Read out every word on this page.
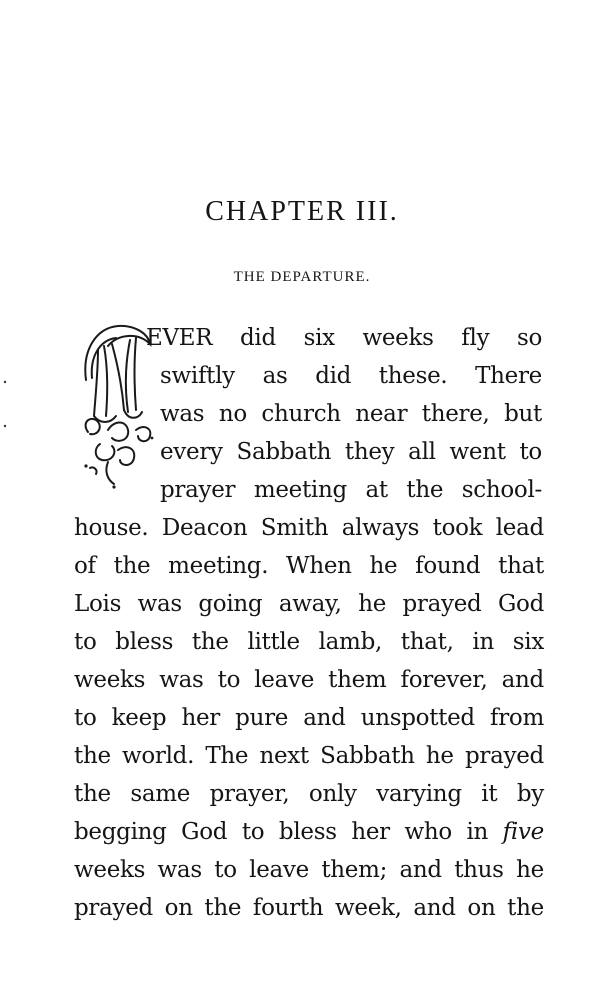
CHAPTER III.
THE DEPARTURE.
EVER did six weeks fly so
swiftly as did these. There
was no church near there, but
every Sabbath they all went to
prayer meeting at the school-
house. Deacon Smith always took lead
of the meeting. When he found that
Lois was going away, he prayed God
to bless the little lamb, that, in six
weeks was to leave them forever, and
to keep her pure and unspotted from
the world. The next Sabbath he prayed
the same prayer, only varying it by
begging God to bless her who in five
weeks was to leave them; and thus he
prayed on the fourth week, and on the
